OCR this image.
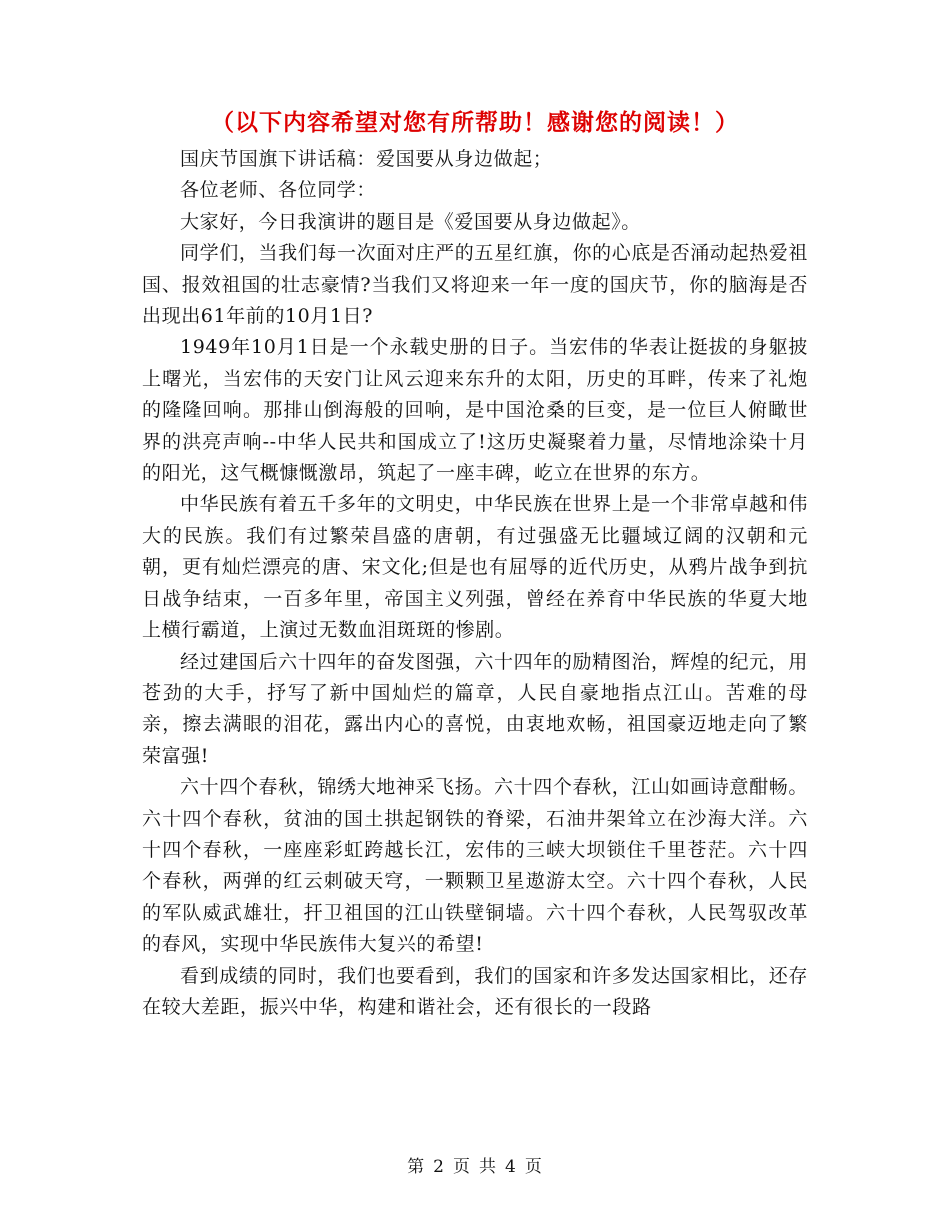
（以下内容希望对您有所帮助！感谢您的阅读！）

国庆节国旗下讲话稿：爱国要从身边做起；

各位老师、各位同学：

大家好，今日我演讲的题目是《爱国要从身边做起》。

同学们，当我们每一次面对庄严的五星红旗，你的心底是否涌动起热爱祖国、报效祖国的壮志豪情?当我们又将迎来一年一度的国庆节，你的脑海是否出现出61年前的10月1日?

1949年10月1日是一个永载史册的日子。当宏伟的华表让挺拔的身躯披上曙光，当宏伟的天安门让风云迎来东升的太阳，历史的耳畔，传来了礼炮的隆隆回响。那排山倒海般的回响，是中国沧桑的巨变，是一位巨人俯瞰世界的洪亮声响--中华人民共和国成立了!这历史凝聚着力量，尽情地涂染十月的阳光，这气概慷慨激昂，筑起了一座丰碑，屹立在世界的东方。

中华民族有着五千多年的文明史，中华民族在世界上是一个非常卓越和伟大的民族。我们有过繁荣昌盛的唐朝，有过强盛无比疆域辽阔的汉朝和元朝，更有灿烂漂亮的唐、宋文化;但是也有屈辱的近代历史，从鸦片战争到抗日战争结束，一百多年里，帝国主义列强，曾经在养育中华民族的华夏大地上横行霸道，上演过无数血泪斑斑的惨剧。

经过建国后六十四年的奋发图强，六十四年的励精图治，辉煌的纪元，用苍劲的大手，抒写了新中国灿烂的篇章，人民自豪地指点江山。苦难的母亲，擦去满眼的泪花，露出内心的喜悦，由衷地欢畅，祖国豪迈地走向了繁荣富强!

六十四个春秋，锦绣大地神采飞扬。六十四个春秋，江山如画诗意酣畅。六十四个春秋，贫油的国土拱起钢铁的脊梁，石油井架耸立在沙海大洋。六十四个春秋，一座座彩虹跨越长江，宏伟的三峡大坝锁住千里苍茫。六十四个春秋，两弹的红云刺破天穹，一颗颗卫星遨游太空。六十四个春秋，人民的军队威武雄壮，扞卫祖国的江山铁壁铜墙。六十四个春秋，人民驾驭改革的春风，实现中华民族伟大复兴的希望!

看到成绩的同时，我们也要看到，我们的国家和许多发达国家相比，还存在较大差距，振兴中华，构建和谐社会，还有很长的一段路

第 2 页 共 4 页
